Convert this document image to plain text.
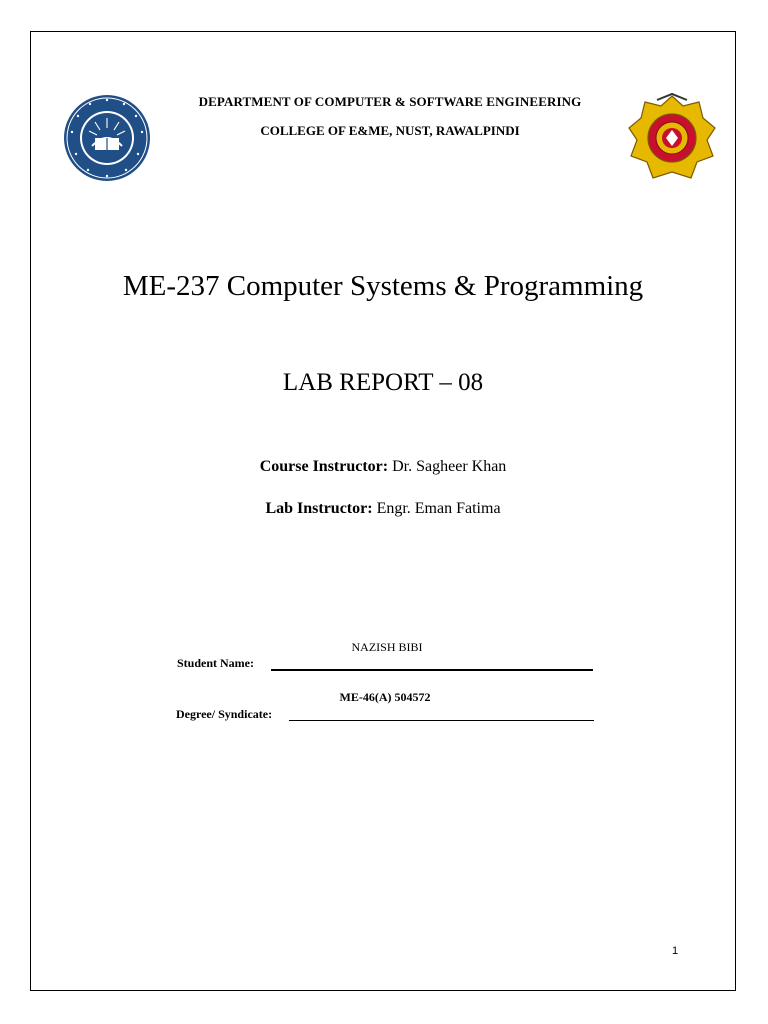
DEPARTMENT OF COMPUTER & SOFTWARE ENGINEERING
COLLEGE OF E&ME, NUST, RAWALPINDI
ME-237 Computer Systems & Programming
LAB REPORT – 08
Course Instructor: Dr. Sagheer Khan
Lab Instructor: Engr. Eman Fatima
NAZISH BIBI
Student Name:
ME-46(A) 504572
Degree/ Syndicate:
1
